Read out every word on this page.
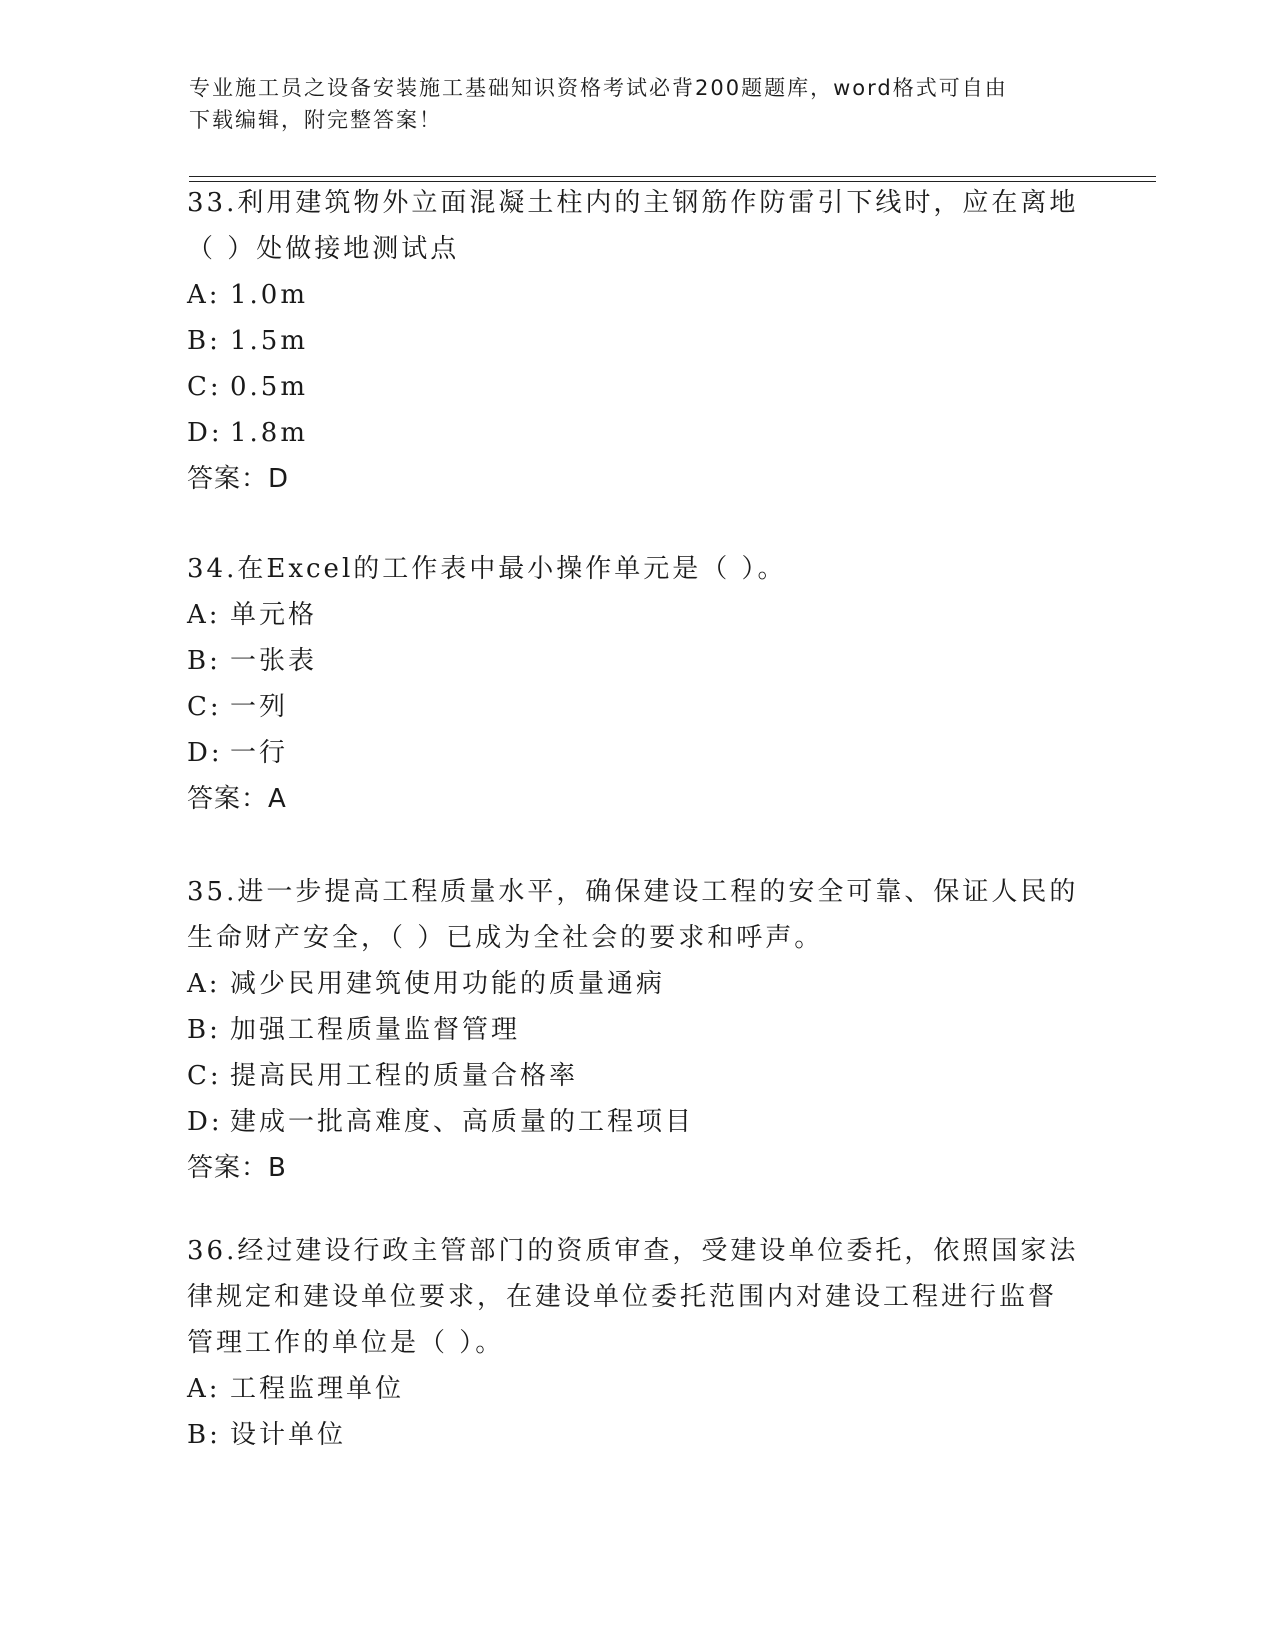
专业施工员之设备安装施工基础知识资格考试必背200题题库，word格式可自由
下载编辑，附完整答案！

33.利用建筑物外立面混凝土柱内的主钢筋作防雷引下线时，应在离地
（ ）处做接地测试点

A: 1.0m

B: 1.5m

C: 0.5m

D: 1.8m

答案：D

34.在Excel的工作表中最小操作单元是（ ）。

A: 单元格

B: 一张表

C: 一列

D: 一行

答案：A

35.进一步提高工程质量水平，确保建设工程的安全可靠、保证人民的
生命财产安全，（ ）已成为全社会的要求和呼声。

A: 减少民用建筑使用功能的质量通病

B: 加强工程质量监督管理

C: 提高民用工程的质量合格率

D: 建成一批高难度、高质量的工程项目

答案：B

36.经过建设行政主管部门的资质审查，受建设单位委托，依照国家法
律规定和建设单位要求，在建设单位委托范围内对建设工程进行监督
管理工作的单位是（ ）。

A: 工程监理单位

B: 设计单位
